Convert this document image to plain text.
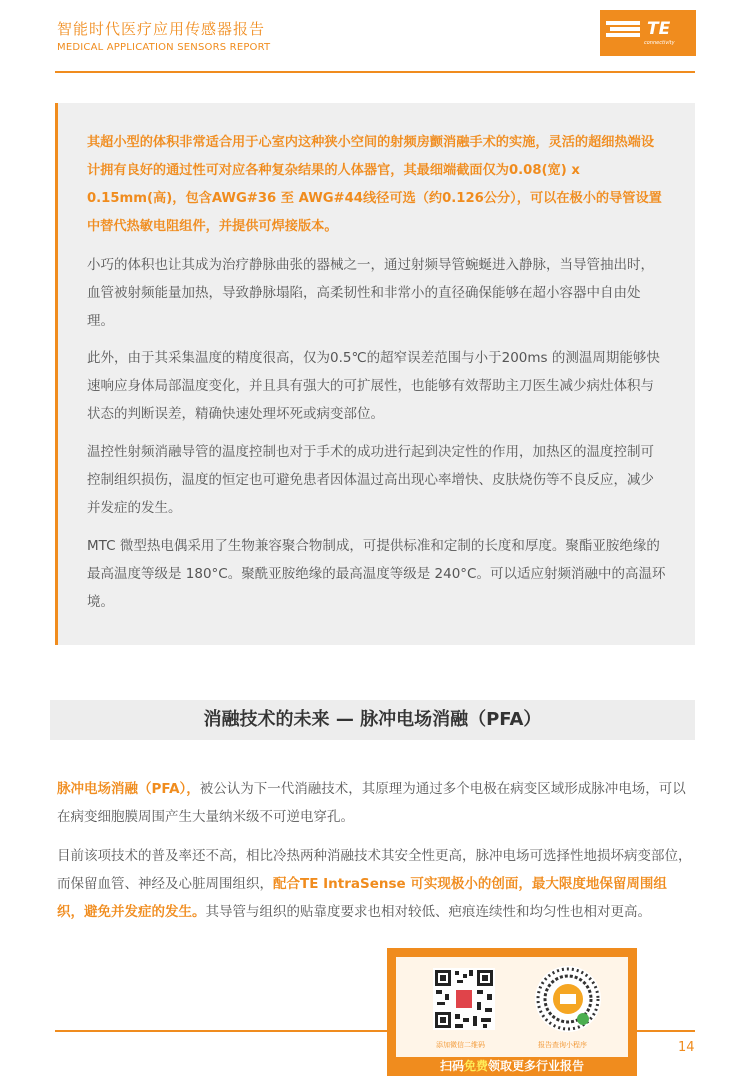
智能时代医疗应用传感器报告
MEDICAL APPLICATION SENSORS REPORT
TE
connectivity
其超小型的体积非常适合用于心室内这种狭小空间的射频房颤消融手术的实施，灵活的超细热端设计拥有良好的通过性可对应各种复杂结果的人体器官，其最细端截面仅为0.08(宽) x 0.15mm(高)，包含AWG#36 至 AWG#44线径可选（约0.126公分），可以在极小的导管设置中替代热敏电阻组件，并提供可焊接版本。
小巧的体积也让其成为治疗静脉曲张的器械之一，通过射频导管蜿蜒进入静脉，当导管抽出时，血管被射频能量加热，导致静脉塌陷，高柔韧性和非常小的直径确保能够在超小容器中自由处理。
此外，由于其采集温度的精度很高，仅为0.5℃的超窄误差范围与小于200ms 的测温周期能够快速响应身体局部温度变化，并且具有强大的可扩展性，也能够有效帮助主刀医生减少病灶体积与状态的判断误差，精确快速处理坏死或病变部位。
温控性射频消融导管的温度控制也对于手术的成功进行起到决定性的作用，加热区的温度控制可控制组织损伤，温度的恒定也可避免患者因体温过高出现心率增快、皮肤烧伤等不良反应，减少并发症的发生。
MTC 微型热电偶采用了生物兼容聚合物制成，可提供标准和定制的长度和厚度。聚酯亚胺绝缘的最高温度等级是 180°C。聚酰亚胺绝缘的最高温度等级是 240°C。可以适应射频消融中的高温环境。
消融技术的未来 — 脉冲电场消融（PFA）
脉冲电场消融（PFA），被公认为下一代消融技术，其原理为通过多个电极在病变区域形成脉冲电场，可以在病变细胞膜周围产生大量纳米级不可逆电穿孔。
目前该项技术的普及率还不高，相比冷热两种消融技术其安全性更高，脉冲电场可选择性地损坏病变部位，而保留血管、神经及心脏周围组织，配合TE IntraSense 可实现极小的创面，最大限度地保留周围组织，避免并发症的发生。其导管与组织的贴靠度要求也相对较低、疤痕连续性和均匀性也相对更高。
14
添加微信二维码	报告查询小程序
扫码免费领取更多行业报告
